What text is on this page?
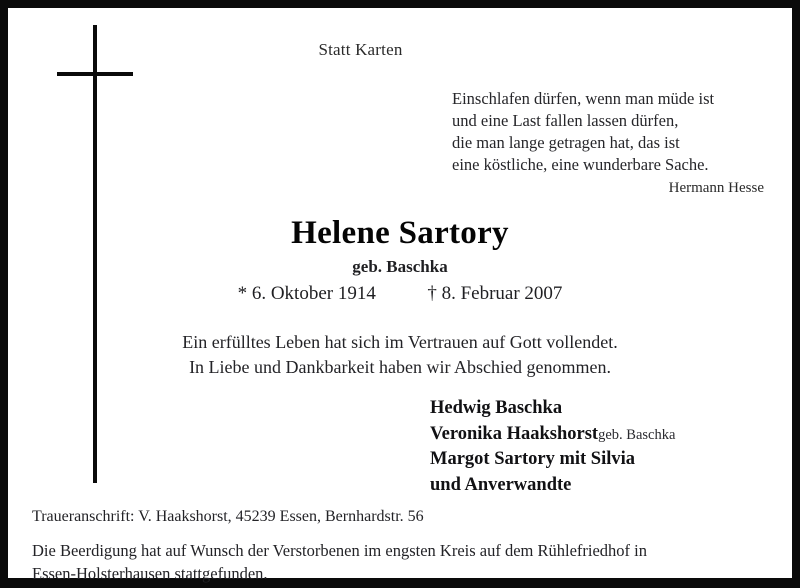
Statt Karten
Einschlafen dürfen, wenn man müde ist
und eine Last fallen lassen dürfen,
die man lange getragen hat, das ist
eine köstliche, eine wunderbare Sache.
Hermann Hesse
Helene Sartory
geb. Baschka
* 6. Oktober 1914	† 8. Februar 2007
Ein erfülltes Leben hat sich im Vertrauen auf Gott vollendet.
In Liebe und Dankbarkeit haben wir Abschied genommen.
Hedwig Baschka
Veronika Haakshorstgeb. Baschka
Margot Sartory mit Silvia
und Anverwandte
Traueranschrift: V. Haakshorst, 45239 Essen, Bernhardstr. 56
Die Beerdigung hat auf Wunsch der Verstorbenen im engsten Kreis auf dem Rühlefriedhof in
Essen-Holsterhausen stattgefunden.
